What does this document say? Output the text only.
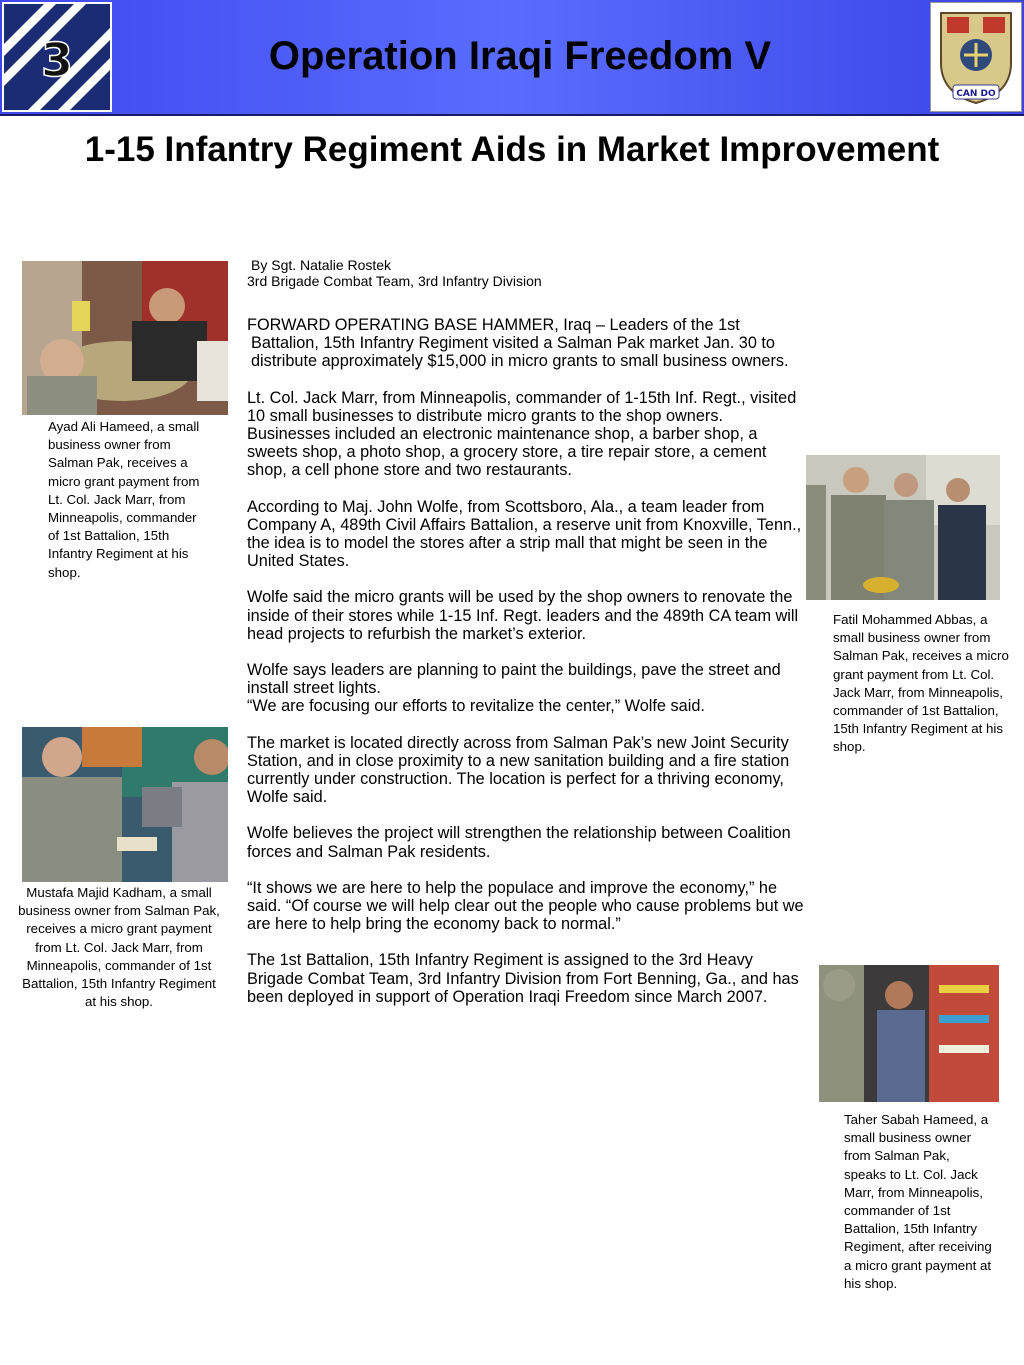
3	Operation Iraqi Freedom V
CAN DO
1-15 Infantry Regiment Aids in Market Improvement
By Sgt. Natalie Rostek
3rd Brigade Combat Team, 3rd Infantry Division

FORWARD OPERATING BASE HAMMER, Iraq – Leaders of the 1st Battalion, 15th Infantry Regiment visited a Salman Pak market Jan. 30 to distribute approximately $15,000 in micro grants to small business owners.

Lt. Col. Jack Marr, from Minneapolis, commander of 1-15th Inf. Regt., visited 10 small businesses to distribute micro grants to the shop owners. Businesses included an electronic maintenance shop, a barber shop, a sweets shop, a photo shop, a grocery store, a tire repair store, a cement shop, a cell phone store and two restaurants.

According to Maj. John Wolfe, from Scottsboro, Ala., a team leader from Company A, 489th Civil Affairs Battalion, a reserve unit from Knoxville, Tenn., the idea is to model the stores after a strip mall that might be seen in the United States.

Wolfe said the micro grants will be used by the shop owners to renovate the inside of their stores while 1-15 Inf. Regt. leaders and the 489th CA team will head projects to refurbish the market’s exterior.

Wolfe says leaders are planning to paint the buildings, pave the street and install street lights.

“We are focusing our efforts to revitalize the center,” Wolfe said.

The market is located directly across from Salman Pak’s new Joint Security Station, and in close proximity to a new sanitation building and a fire station currently under construction. The location is perfect for a thriving economy, Wolfe said.

Wolfe believes the project will strengthen the relationship between Coalition forces and Salman Pak residents.

“It shows we are here to help the populace and improve the economy,” he said. “Of course we will help clear out the people who cause problems but we are here to help bring the economy back to normal.”

The 1st Battalion, 15th Infantry Regiment is assigned to the 3rd Heavy Brigade Combat Team, 3rd Infantry Division from Fort Benning, Ga., and has been deployed in support of Operation Iraqi Freedom since March 2007.

Ayad Ali Hameed, a small business owner from Salman Pak, receives a micro grant payment from Lt. Col. Jack Marr, from Minneapolis, commander of 1st Battalion, 15th Infantry Regiment at his shop.
Mustafa Majid Kadham, a small business owner from Salman Pak, receives a micro grant payment from Lt. Col. Jack Marr, from Minneapolis, commander of 1st Battalion, 15th Infantry Regiment at his shop.
Fatil Mohammed Abbas, a small business owner from Salman Pak, receives a micro grant payment from Lt. Col. Jack Marr, from Minneapolis, commander of 1st Battalion, 15th Infantry Regiment at his shop.
Taher Sabah Hameed, a small business owner from Salman Pak, speaks to Lt. Col. Jack Marr, from Minneapolis, commander of 1st Battalion, 15th Infantry Regiment, after receiving a micro grant payment at his shop.
